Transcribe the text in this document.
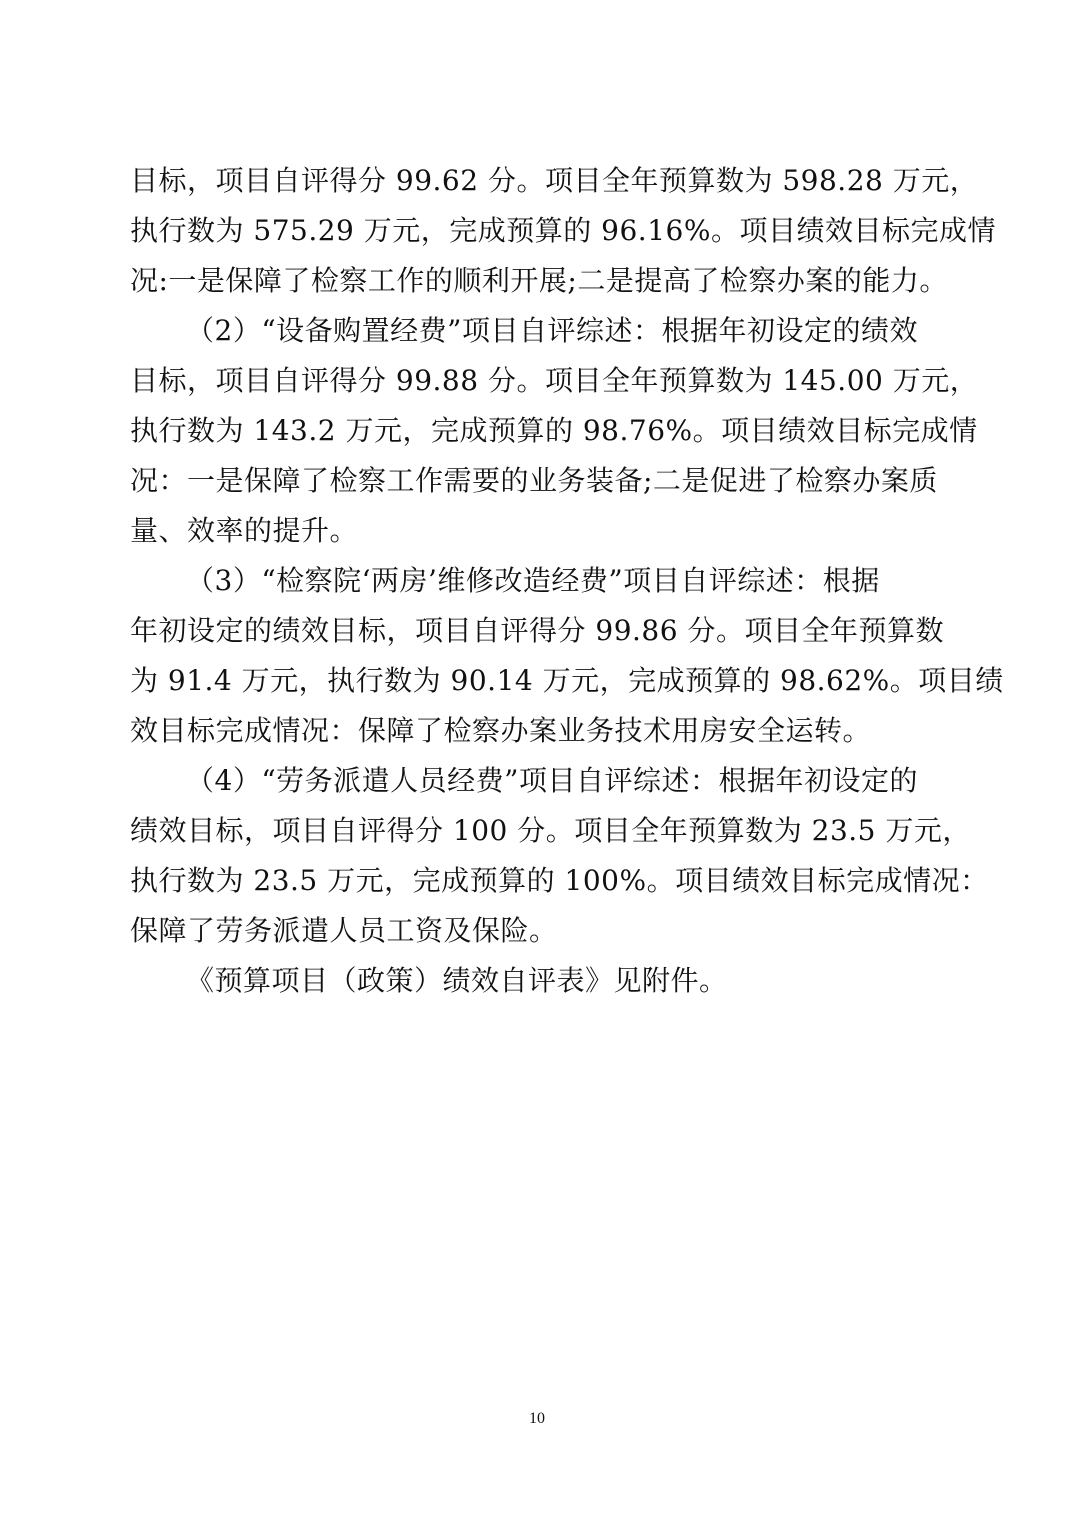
目标，项目自评得分 99.62 分。项目全年预算数为 598.28 万元，
执行数为 575.29 万元，完成预算的 96.16%。项目绩效目标完成情
况:一是保障了检察工作的顺利开展;二是提高了检察办案的能力。
（2）“设备购置经费”项目自评综述：根据年初设定的绩效
目标，项目自评得分 99.88 分。项目全年预算数为 145.00 万元，
执行数为 143.2 万元，完成预算的 98.76%。项目绩效目标完成情
况：一是保障了检察工作需要的业务装备;二是促进了检察办案质
量、效率的提升。
（3）“检察院‘两房’维修改造经费”项目自评综述：根据
年初设定的绩效目标，项目自评得分 99.86 分。项目全年预算数
为 91.4 万元，执行数为 90.14 万元，完成预算的 98.62%。项目绩
效目标完成情况：保障了检察办案业务技术用房安全运转。
（4）“劳务派遣人员经费”项目自评综述：根据年初设定的
绩效目标，项目自评得分 100 分。项目全年预算数为 23.5 万元，
执行数为 23.5 万元，完成预算的 100%。项目绩效目标完成情况：
保障了劳务派遣人员工资及保险。
《预算项目（政策）绩效自评表》见附件。
10
